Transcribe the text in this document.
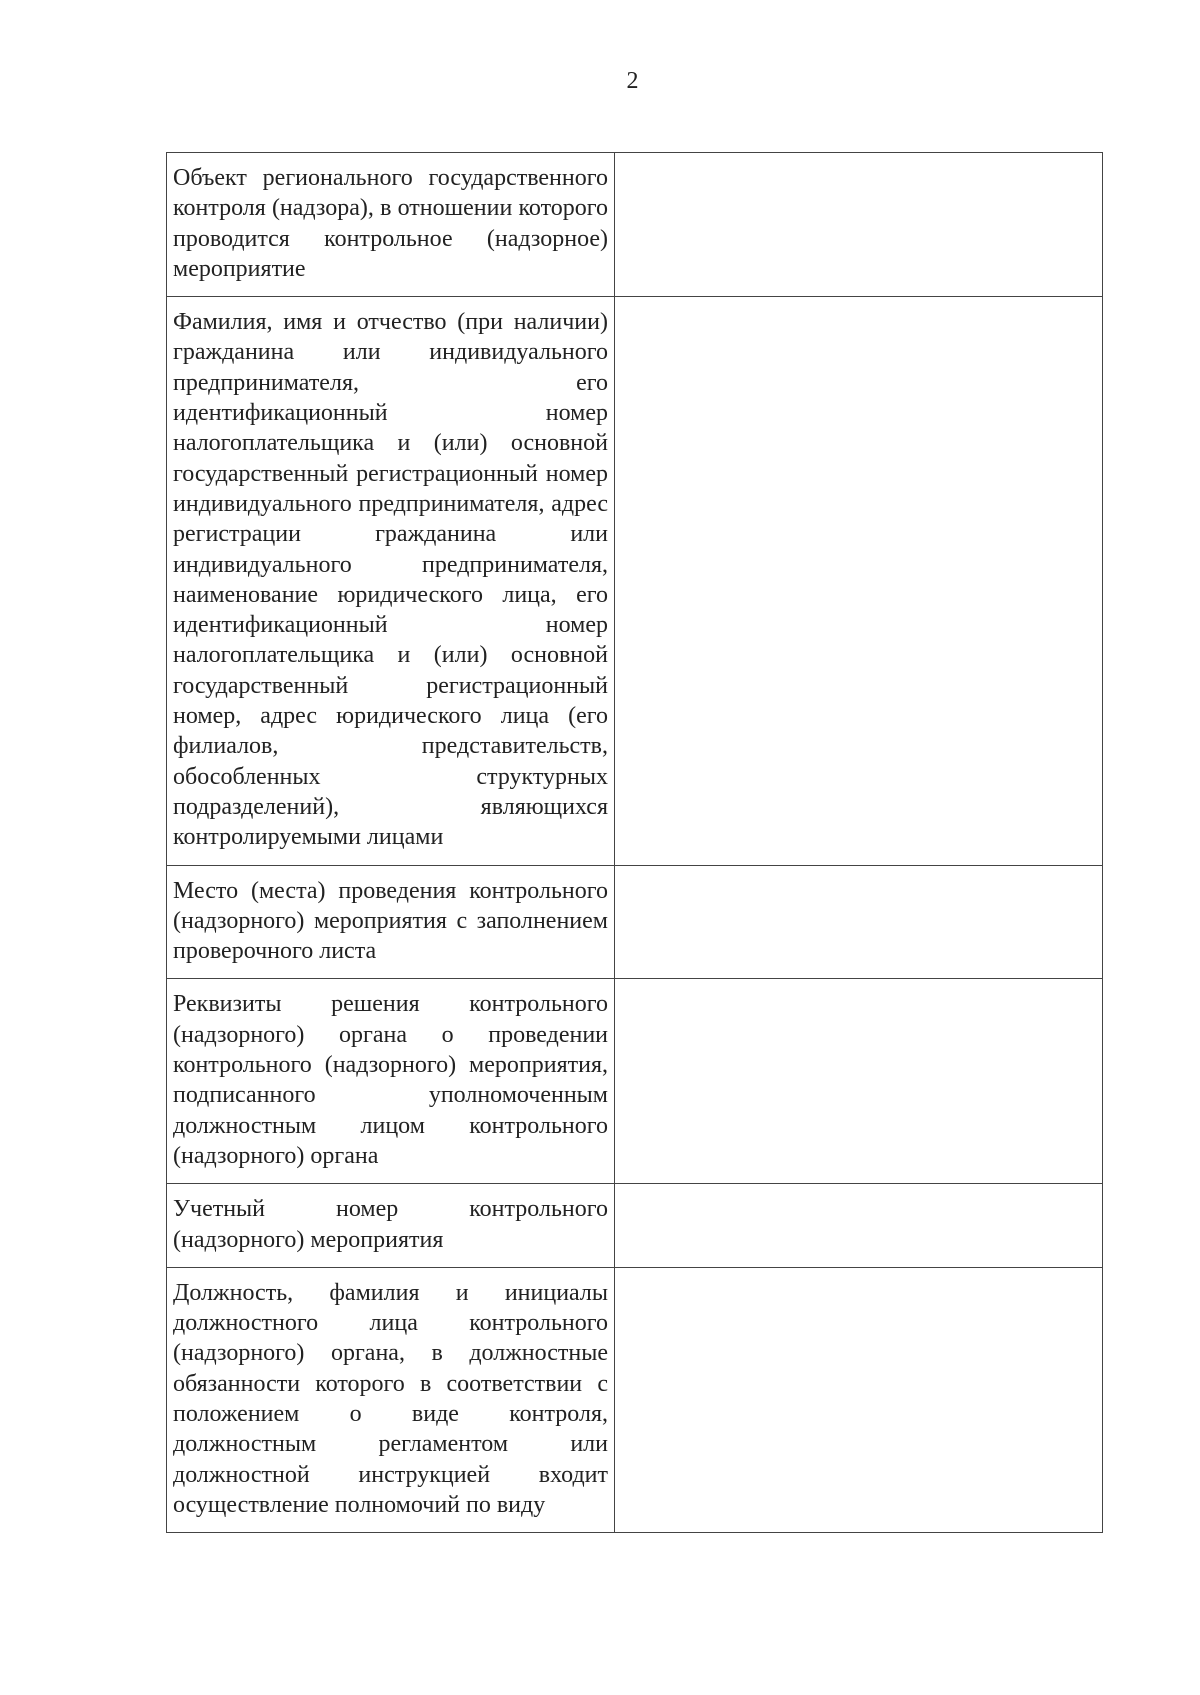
2
Объект регионального государственного контроля (надзора), в отношении которого проводится контрольное (надзорное) мероприятие	
Фамилия, имя и отчество (при наличии) гражданина или индивидуального предпринимателя, его идентификационный номер налогоплательщика и (или) основной государственный регистрационный номер индивидуального предпринимателя, адрес регистрации гражданина или индивидуального предпринимателя, наименование юридического лица, его идентификационный номер налогоплательщика и (или) основной государственный регистрационный номер, адрес юридического лица (его филиалов, представительств, обособленных структурных подразделений), являющихся контролируемыми лицами	
Место (места) проведения контрольного (надзорного) мероприятия с заполнением проверочного листа	
Реквизиты решения контрольного (надзорного) органа о проведении контрольного (надзорного) мероприятия, подписанного уполномоченным должностным лицом контрольного (надзорного) органа	
Учетный номер контрольного (надзорного) мероприятия	
Должность, фамилия и инициалы должностного лица контрольного (надзорного) органа, в должностные обязанности которого в соответствии с положением о виде контроля, должностным регламентом или должностной инструкцией входит осуществление полномочий по виду	
